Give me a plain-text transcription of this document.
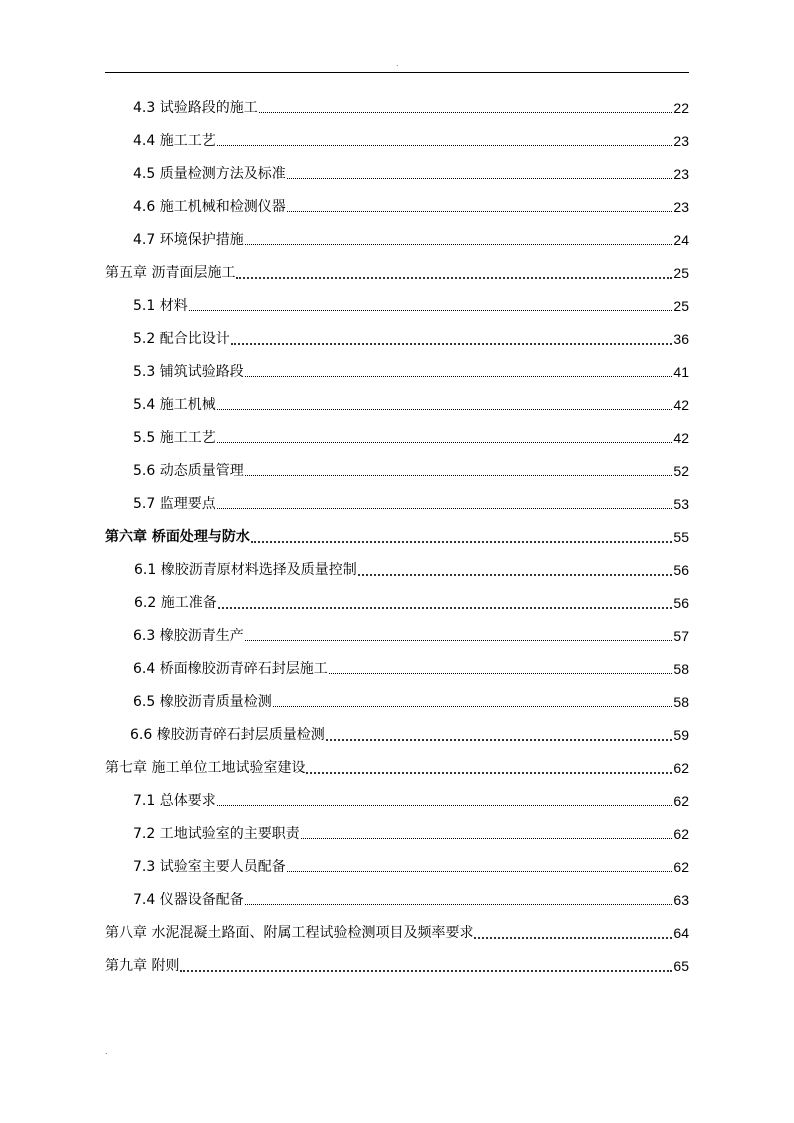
.
4.3 试验路段的施工	22
4.4 施工工艺	23
4.5 质量检测方法及标准	23
4.6 施工机械和检测仪器	23
4.7 环境保护措施	24
第五章 沥青面层施工	25
5.1 材料	25
5.2 配合比设计	36
5.3 铺筑试验路段	41
5.4 施工机械	42
5.5 施工工艺	42
5.6 动态质量管理	52
5.7 监理要点	53
第六章 桥面处理与防水	55
6.1 橡胶沥青原材料选择及质量控制	56
6.2 施工准备	56
6.3 橡胶沥青生产	57
6.4 桥面橡胶沥青碎石封层施工	58
6.5 橡胶沥青质量检测	58
6.6 橡胶沥青碎石封层质量检测	59
第七章 施工单位工地试验室建设	62
7.1 总体要求	62
7.2 工地试验室的主要职责	62
7.3 试验室主要人员配备	62
7.4 仪器设备配备	63
第八章 水泥混凝土路面、附属工程试验检测项目及频率要求	64
第九章 附则	65
.
